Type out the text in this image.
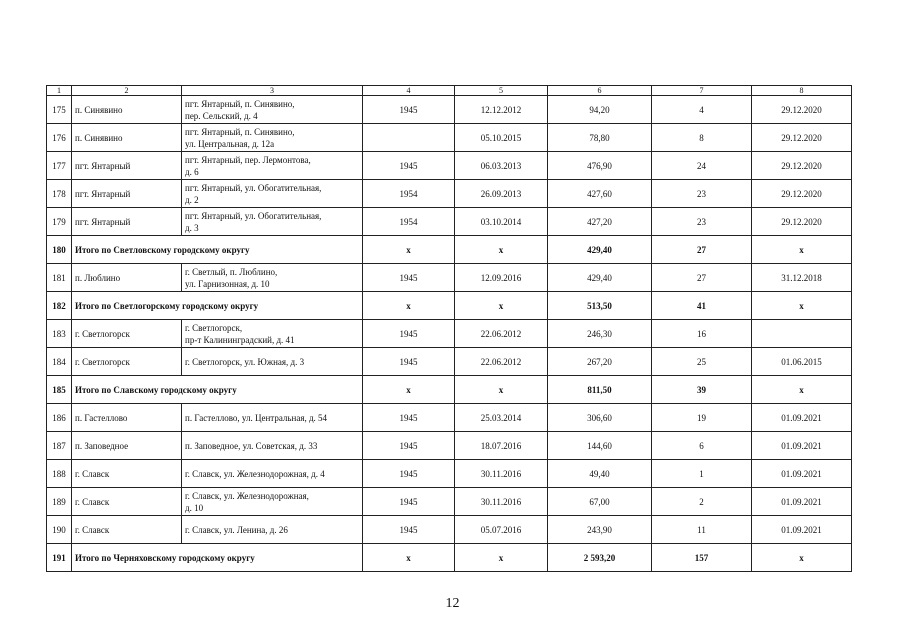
1	2	3	4	5	6	7	8
175	п. Синявино	пгт. Янтарный, п. Синявино,
пер. Сельский, д. 4	1945	12.12.2012	94,20	4	29.12.2020
176	п. Синявино	пгт. Янтарный, п. Синявино,
ул. Центральная, д. 12а		05.10.2015	78,80	8	29.12.2020
177	пгт. Янтарный	пгт. Янтарный, пер. Лермонтова,
д. 6	1945	06.03.2013	476,90	24	29.12.2020
178	пгт. Янтарный	пгт. Янтарный, ул. Обогатительная,
д. 2	1954	26.09.2013	427,60	23	29.12.2020
179	пгт. Янтарный	пгт. Янтарный, ул. Обогатительная,
д. 3	1954	03.10.2014	427,20	23	29.12.2020
180	Итого по Светловскому городскому округу		х	х	429,40	27	х
181	п. Люблино	г. Светлый, п. Люблино,
ул. Гарнизонная, д. 10	1945	12.09.2016	429,40	27	31.12.2018
182	Итого по Светлогорскому городскому округу		х	х	513,50	41	х
183	г. Светлогорск	г. Светлогорск,
пр-т Калининградский, д. 41	1945	22.06.2012	246,30	16	
184	г. Светлогорск	г. Светлогорск, ул. Южная, д. 3	1945	22.06.2012	267,20	25	01.06.2015
185	Итого по Славскому городскому округу		х	х	811,50	39	х
186	п. Гастеллово	п. Гастеллово, ул. Центральная, д. 54	1945	25.03.2014	306,60	19	01.09.2021
187	п. Заповедное	п. Заповедное, ул. Советская, д. 33	1945	18.07.2016	144,60	6	01.09.2021
188	г. Славск	г. Славск, ул. Железнодорожная, д. 4	1945	30.11.2016	49,40	1	01.09.2021
189	г. Славск	г. Славск, ул. Железнодорожная,
д. 10	1945	30.11.2016	67,00	2	01.09.2021
190	г. Славск	г. Славск, ул. Ленина, д. 26	1945	05.07.2016	243,90	11	01.09.2021
191	Итого по Черняховскому городскому округу		х	х	2 593,20	157	х
12
